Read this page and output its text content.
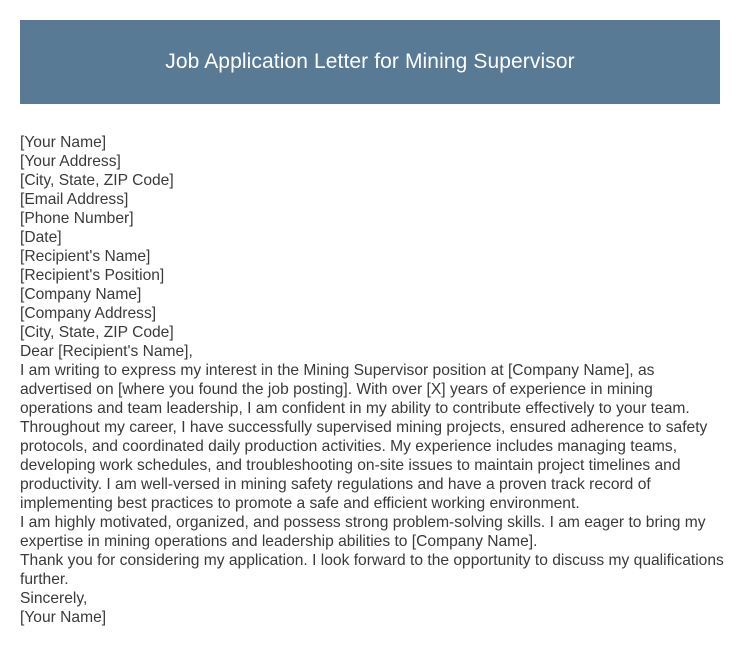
Job Application Letter for Mining Supervisor
[Your Name]
[Your Address]
[City, State, ZIP Code]
[Email Address]
[Phone Number]
[Date]
[Recipient's Name]
[Recipient's Position]
[Company Name]
[Company Address]
[City, State, ZIP Code]
Dear [Recipient's Name],
I am writing to express my interest in the Mining Supervisor position at [Company Name], as advertised on [where you found the job posting]. With over [X] years of experience in mining operations and team leadership, I am confident in my ability to contribute effectively to your team.
Throughout my career, I have successfully supervised mining projects, ensured adherence to safety protocols, and coordinated daily production activities. My experience includes managing teams, developing work schedules, and troubleshooting on-site issues to maintain project timelines and productivity. I am well-versed in mining safety regulations and have a proven track record of implementing best practices to promote a safe and efficient working environment.
I am highly motivated, organized, and possess strong problem-solving skills. I am eager to bring my expertise in mining operations and leadership abilities to [Company Name].
Thank you for considering my application. I look forward to the opportunity to discuss my qualifications further.
Sincerely,
[Your Name]
